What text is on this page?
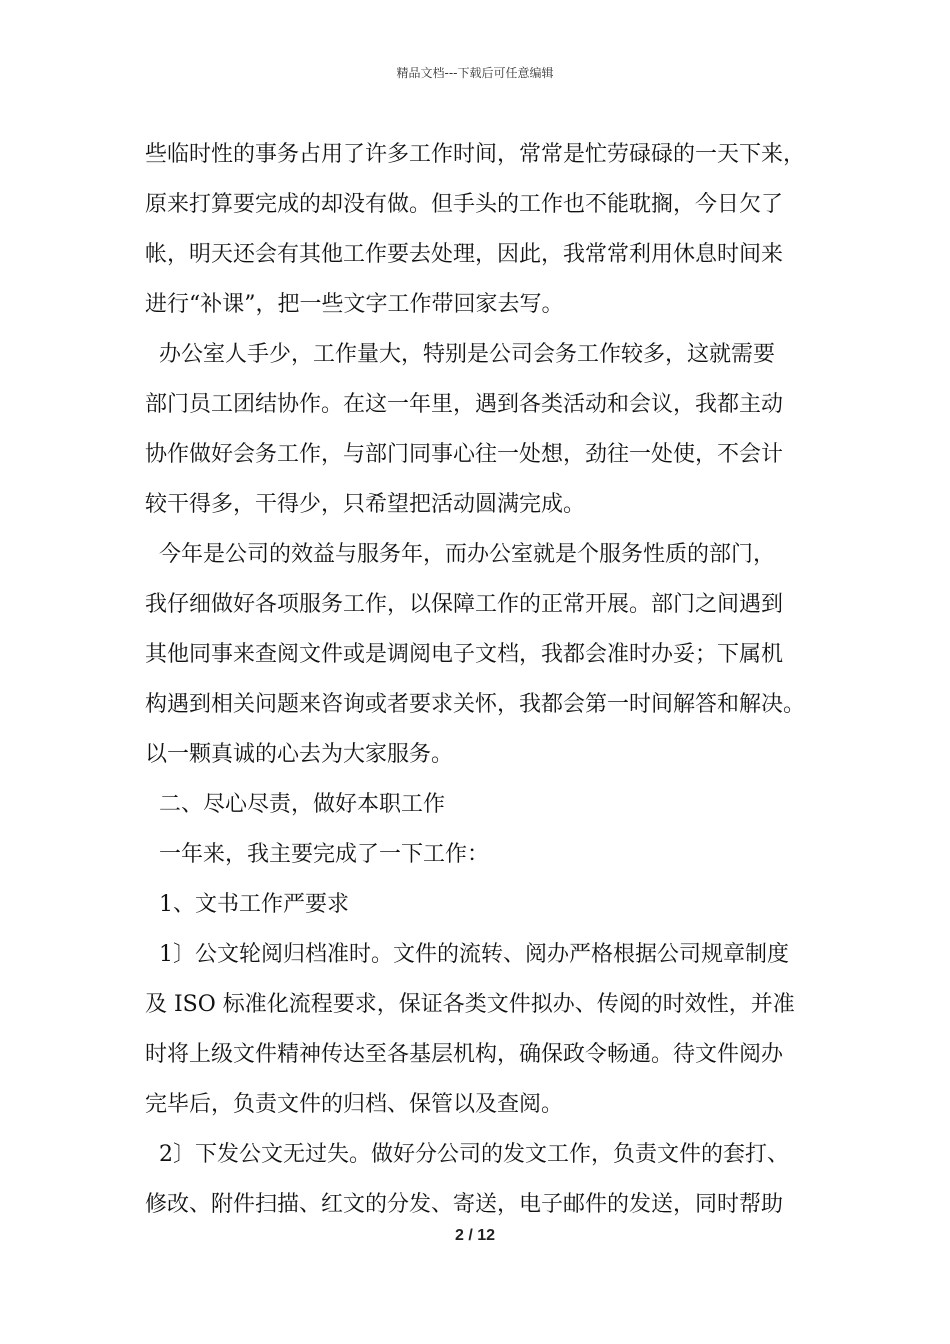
精品文档---下载后可任意编辑

些临时性的事务占用了许多工作时间，常常是忙劳碌碌的一天下来，

原来打算要完成的却没有做。但手头的工作也不能耽搁，今日欠了

帐，明天还会有其他工作要去处理，因此，我常常利用休息时间来

进行“补课”，把一些文字工作带回家去写。

办公室人手少，工作量大，特别是公司会务工作较多，这就需要

部门员工团结协作。在这一年里，遇到各类活动和会议，我都主动

协作做好会务工作，与部门同事心往一处想，劲往一处使，不会计

较干得多，干得少，只希望把活动圆满完成。

今年是公司的效益与服务年，而办公室就是个服务性质的部门，

我仔细做好各项服务工作，以保障工作的正常开展。部门之间遇到

其他同事来查阅文件或是调阅电子文档，我都会准时办妥；下属机

构遇到相关问题来咨询或者要求关怀，我都会第一时间解答和解决。

以一颗真诚的心去为大家服务。

二、尽心尽责，做好本职工作

一年来，我主要完成了一下工作：

1、文书工作严要求

1〕公文轮阅归档准时。文件的流转、阅办严格根据公司规章制度

及 ISO 标准化流程要求，保证各类文件拟办、传阅的时效性，并准

时将上级文件精神传达至各基层机构，确保政令畅通。待文件阅办

完毕后，负责文件的归档、保管以及查阅。

2〕下发公文无过失。做好分公司的发文工作，负责文件的套打、

修改、附件扫描、红文的分发、寄送，电子邮件的发送，同时帮助

2 / 12
